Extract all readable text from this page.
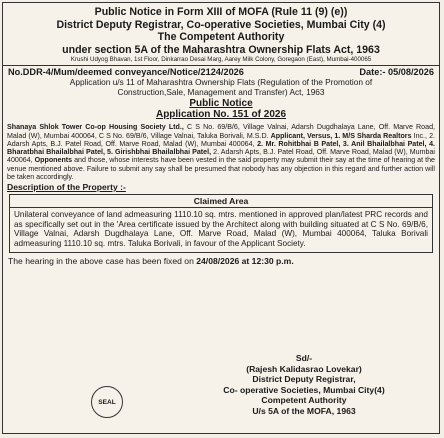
Public Notice in Form XIII of MOFA (Rule 11 (9) (e))
District Deputy Registrar, Co-operative Societies, Mumbai City (4)
The Competent Authority
under section 5A of the Maharashtra Ownership Flats Act, 1963
Krushi Udyog Bhavan, 1st Floor, Dinkarrao Desai Marg, Aarey Milk Colony, Goregaon (East), Mumbai-400065
No.DDR-4/Mum/deemed conveyance/Notice/2124/2026	Date:- 05/08/2026
Application u/s 11 of Maharashtra Ownership Flats (Regulation of the Promotion of
Construction,Sale, Management and Transfer) Act, 1963
Public Notice
Application No. 151 of 2026
Shanaya Shlok Tower Co-op Housing Society Ltd., C S No. 69/B/6, Village Valnai, Adarsh Dugdhalaya Lane, Off. Marve Road, Malad (W), Mumbai 400064, C S No. 69/B/6, Village Valnai, Taluka Borivali, M.S.D. Applicant, Versus, 1. M/S Sharda Realtors Inc., 2. Adarsh Apts, B.J. Patel Road, Off. Marve Road, Malad (W), Mumbai 400064, 2. Mr. Rohitbhai B Patel, 3. Anil Bhailalbhai Patel, 4. Bharatbhai Bhailalbhai Patel, 5. Girishbhai Bhailalbhai Patel, 2. Adarsh Apts, B.J. Patel Road, Off. Marve Road, Malad (W), Mumbai 400064, Opponents and those, whose interests have been vested in the said property may submit their say at the time of hearing at the venue mentioned above. Failure to submit any say shall be presumed that nobody has any objection in this regard and further action will be taken accordingly.
Description of the Property :-
Claimed Area
Unilateral conveyance of land admeasuring 1110.10 sq. mtrs. mentioned in approved plan/latest PRC records and as specifically set out in the 'Area certificate issued by the Architect along with building situated at C S No. 69/B/6, Village Valnai, Adarsh Dugdhalaya Lane, Off. Marve Road, Malad (W), Mumbai 400064, Taluka Borivali admeasuring 1110.10 sq. mtrs. Taluka Borivali, in favour of the Applicant Society.
The hearing in the above case has been fixed on 24/08/2026 at 12:30 p.m.
SEAL
Sd/-
(Rajesh Kalidasrao Lovekar)
District Deputy Registrar,
Co- operative Societies, Mumbai City(4)
Competent Authority
U/s 5A of the MOFA, 1963
